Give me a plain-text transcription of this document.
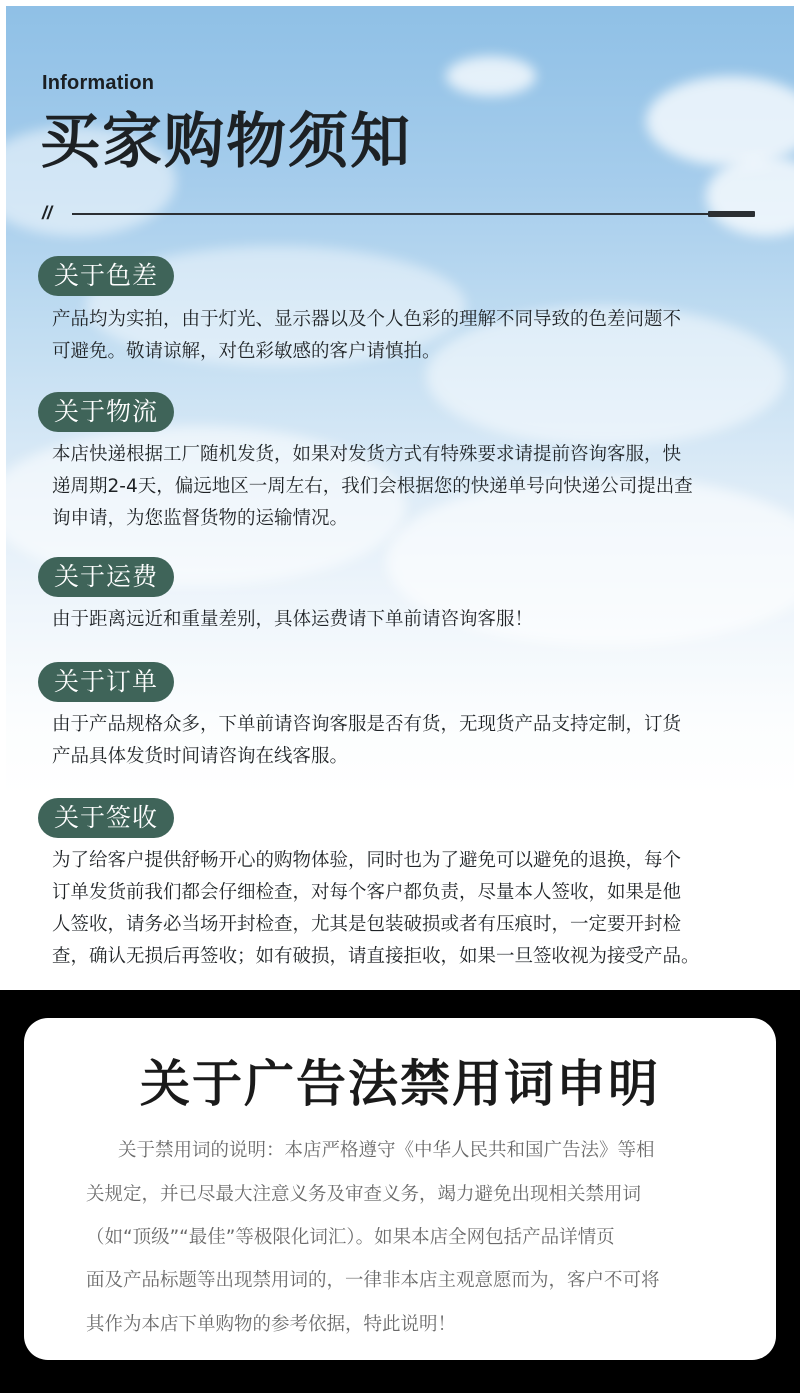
Information
买家购物须知
//
关于色差
产品均为实拍，由于灯光、显示器以及个人色彩的理解不同导致的色差问题不
可避免。敬请谅解，对色彩敏感的客户请慎拍。
关于物流
本店快递根据工厂随机发货，如果对发货方式有特殊要求请提前咨询客服，快
递周期2-4天，偏远地区一周左右，我们会根据您的快递单号向快递公司提出查
询申请，为您监督货物的运输情况。
关于运费
由于距离远近和重量差别，具体运费请下单前请咨询客服！
关于订单
由于产品规格众多，下单前请咨询客服是否有货，无现货产品支持定制，订货
产品具体发货时间请咨询在线客服。
关于签收
为了给客户提供舒畅开心的购物体验，同时也为了避免可以避免的退换，每个
订单发货前我们都会仔细检查，对每个客户都负责，尽量本人签收，如果是他
人签收，请务必当场开封检查，尤其是包装破损或者有压痕时，一定要开封检
查，确认无损后再签收；如有破损，请直接拒收，如果一旦签收视为接受产品。
关于广告法禁用词申明
关于禁用词的说明：本店严格遵守《中华人民共和国广告法》等相
关规定，并已尽最大注意义务及审查义务，竭力避免出现相关禁用词
（如“顶级”“最佳”等极限化词汇）。如果本店全网包括产品详情页
面及产品标题等出现禁用词的，一律非本店主观意愿而为，客户不可将
其作为本店下单购物的参考依据，特此说明！
